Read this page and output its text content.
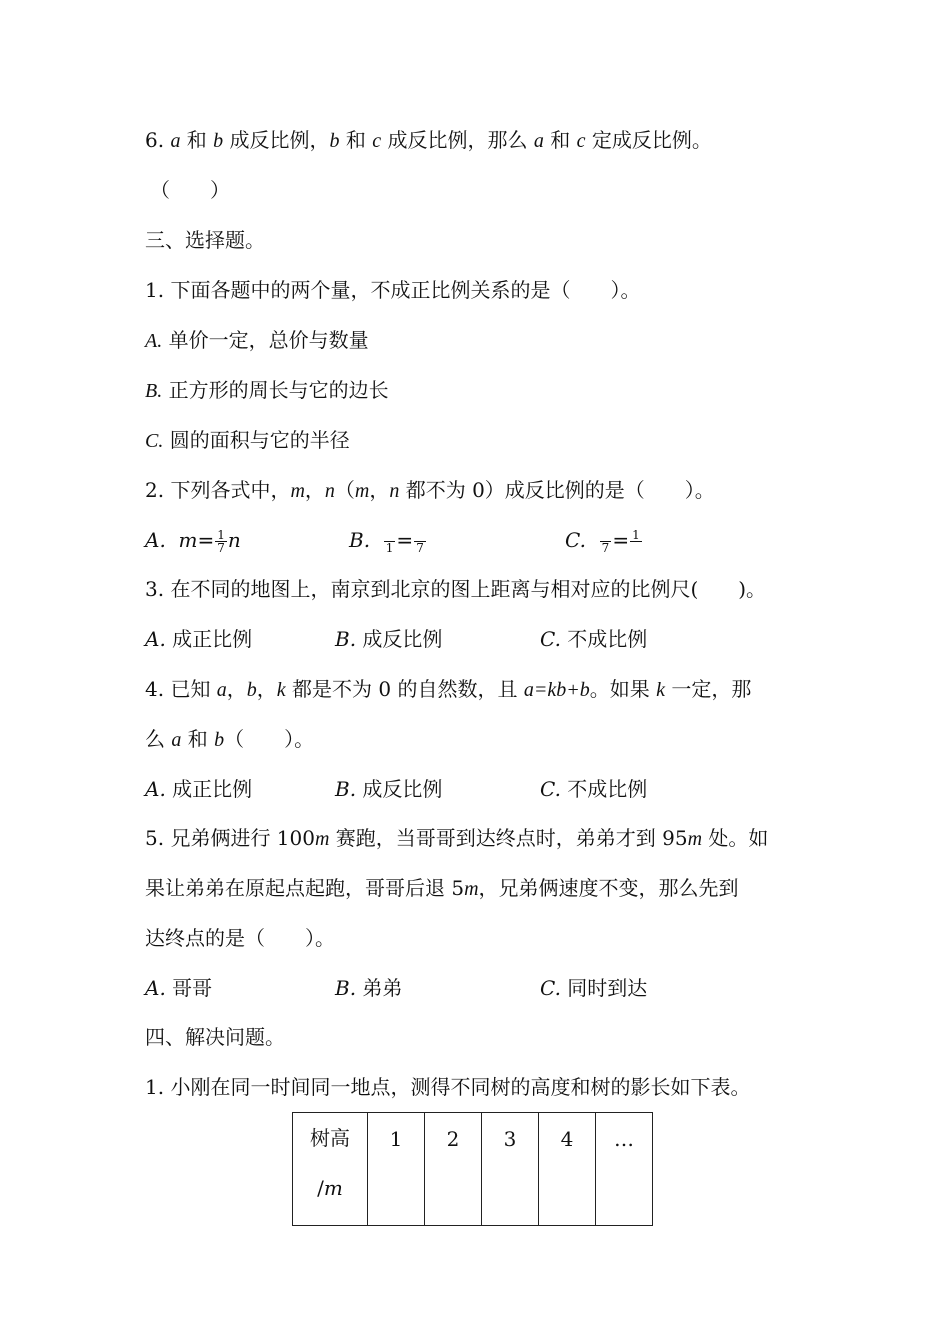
6. a 和 b 成反比例，b 和 c 成反比例，那么 a 和 c 定成反比例。
（　　）
三、选择题。
1. 下面各题中的两个量，不成正比例关系的是（　　）。
A. 单价一定，总价与数量
B. 正方形的周长与它的边长
C. 圆的面积与它的半径
2. 下列各式中，m，n（m，n 都不为 0）成反比例的是（　　）。
A. $m= \frac{1}{7}$ n	B.
1 =
7	C.
7 = 1

3. 在不同的地图上，南京到北京的图上距离与相对应的比例尺(　　)。
A. 成正比例	B. 成反比例	C. 不成比例
4. 已知 a，b，k 都是不为 0 的自然数，且 a=kb+b。如果 k 一定，那
么 a 和 b（　　）。
A. 成正比例	B. 成反比例	C. 不成比例
5. 兄弟俩进行 100m 赛跑，当哥哥到达终点时，弟弟才到 95m 处。如
果让弟弟在原起点起跑，哥哥后退 5m，兄弟俩速度不变，那么先到
达终点的是（　　）。
A. 哥哥	B. 弟弟	C. 同时到达
四、解决问题。
1. 小刚在同一时间同一地点，测得不同树的高度和树的影长如下表。
树高
/m
	1	2	3	4	…
